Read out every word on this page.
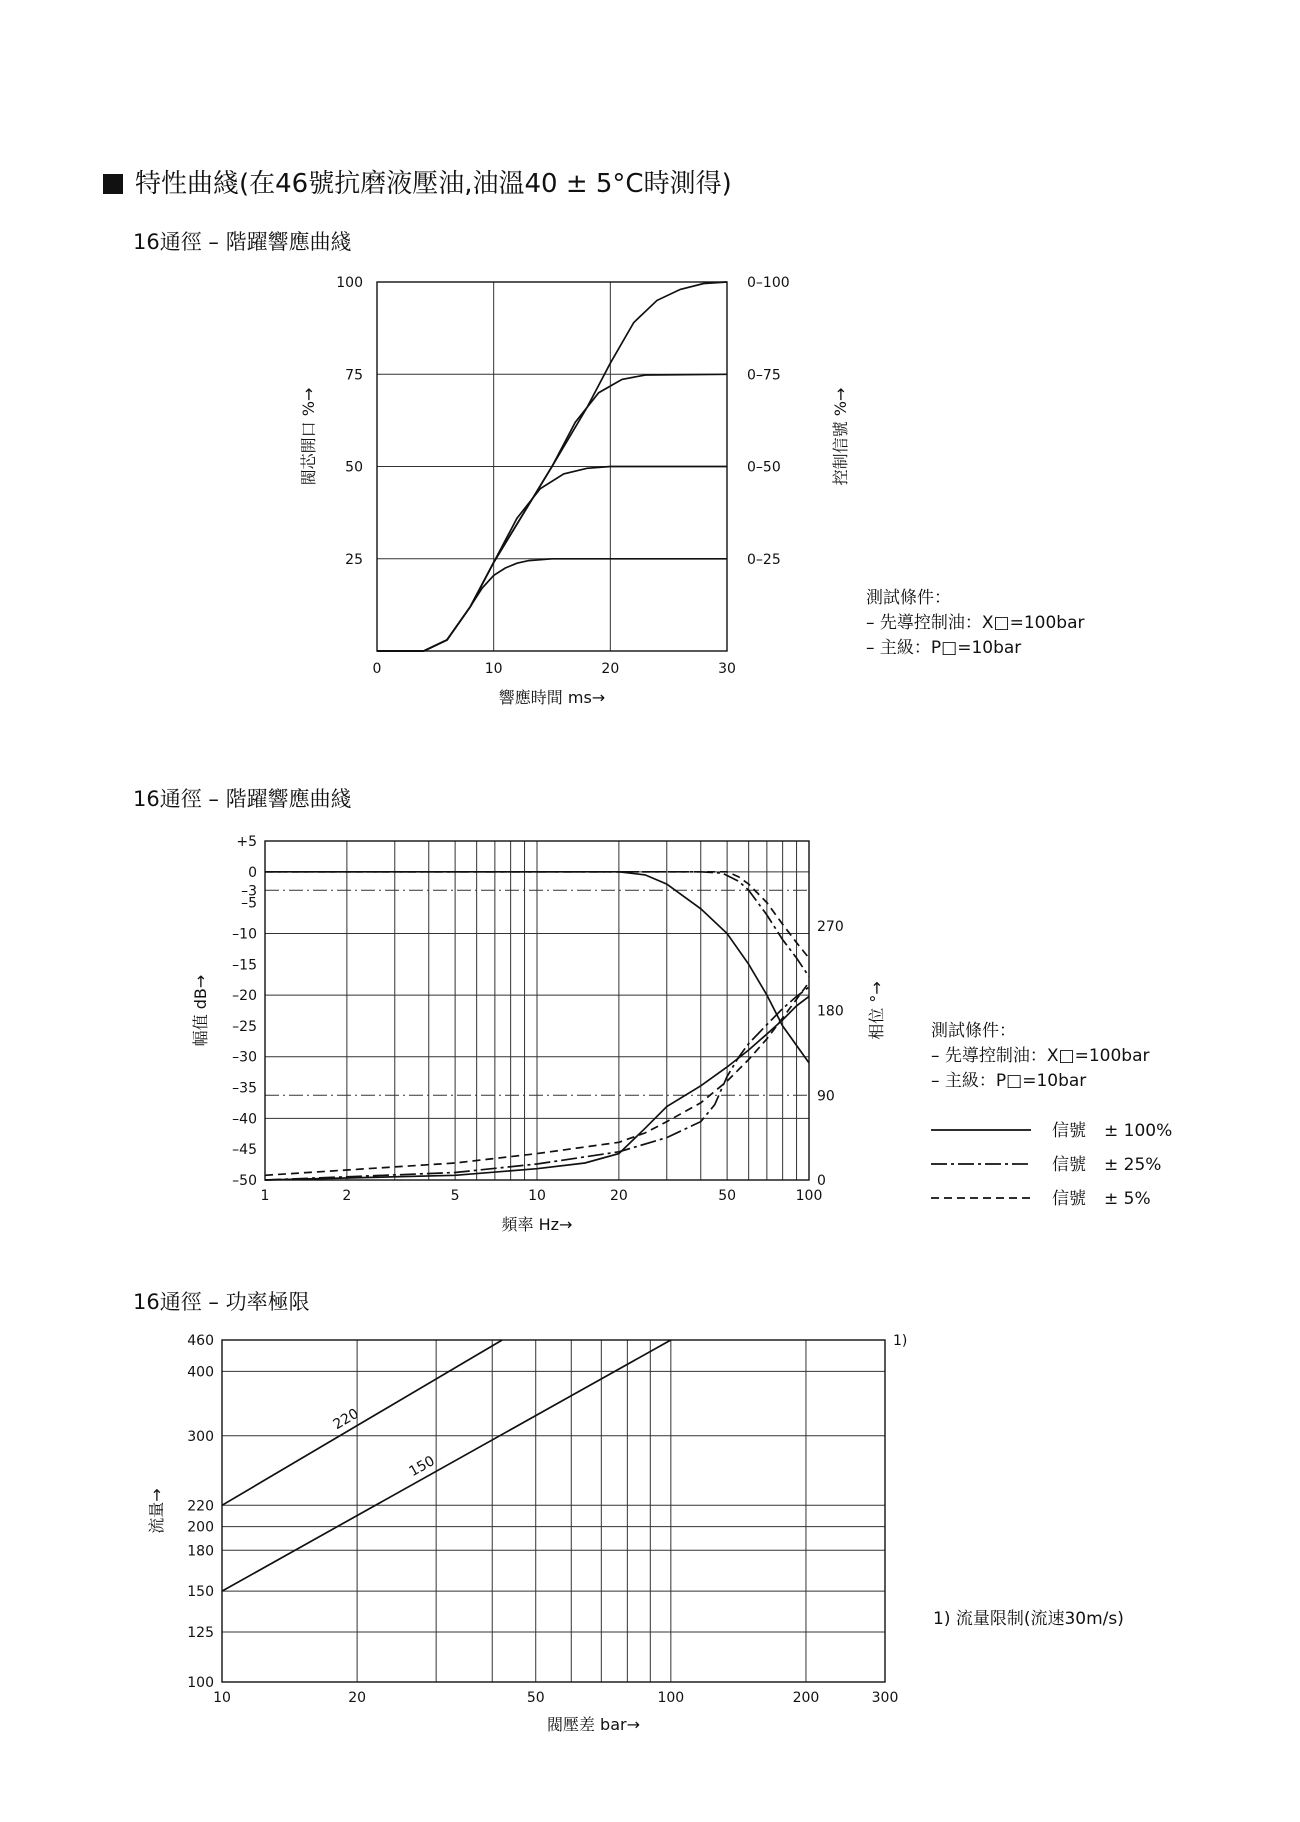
特性曲綫(在46號抗磨液壓油,油溫40 ± 5°C時測得)
16通徑 – 階躍響應曲綫
16通徑 – 階躍響應曲綫
16通徑 – 功率極限
0	10	20	30
100
75
50
25
0–100
0–75
0–50
0–25
響應時間 ms→
閥芯開口 %→	控制信號 %→
測試條件：
– 先導控制油：X□=100bar
– 主級：P□=10bar
+5
0
–3
–5
–10
–15
–20
–25
–30
–35
–40
–45
–50
1	2	5	10	20	50	100
270
180
90
0
頻率 Hz→
幅值 dB→	相位 °→	測試條件：
– 先導控制油：X□=100bar
– 主級：P□=10bar
信號 ± 100%
信號 ± 25%
信號 ± 5%
460
400
300
220
200
180
150
125
100
10	20	50	100	200	300
220
150
1)
1) 流量限制(流速30m/s)
閥壓差 bar→
流量→
